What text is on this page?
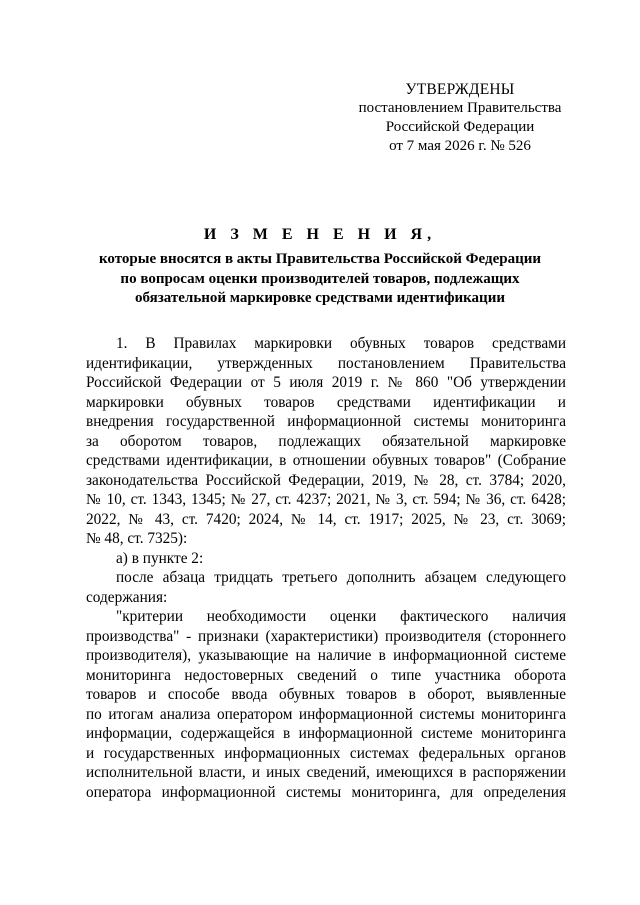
УТВЕРЖДЕНЫ
постановлением Правительства
Российской Федерации
от 7 мая 2026 г. № 526
И З М Е Н Е Н И Я,
которые вносятся в акты Правительства Российской Федерации
по вопросам оценки производителей товаров, подлежащих
обязательной маркировке средствами идентификации
1. В Правилах маркировки обувных товаров средствами
идентификации, утвержденных постановлением Правительства
Российской Федерации от 5 июля 2019 г. № 860 "Об утверждении
маркировки обувных товаров средствами идентификации и
внедрения государственной информационной системы мониторинга
за оборотом товаров, подлежащих обязательной маркировке
средствами идентификации, в отношении обувных товаров" (Собрание
законодательства Российской Федерации, 2019, № 28, ст. 3784; 2020,
№ 10, ст. 1343, 1345; № 27, ст. 4237; 2021, № 3, ст. 594; № 36, ст. 6428;
2022, № 43, ст. 7420; 2024, № 14, ст. 1917; 2025, № 23, ст. 3069;
№ 48, ст. 7325):
а) в пункте 2:
после абзаца тридцать третьего дополнить абзацем следующего
содержания:
"критерии необходимости оценки фактического наличия
производства" - признаки (характеристики) производителя (стороннего
производителя), указывающие на наличие в информационной системе
мониторинга недостоверных сведений о типе участника оборота
товаров и способе ввода обувных товаров в оборот, выявленные
по итогам анализа оператором информационной системы мониторинга
информации, содержащейся в информационной системе мониторинга
и государственных информационных системах федеральных органов
исполнительной власти, и иных сведений, имеющихся в распоряжении
оператора информационной системы мониторинга, для определения
